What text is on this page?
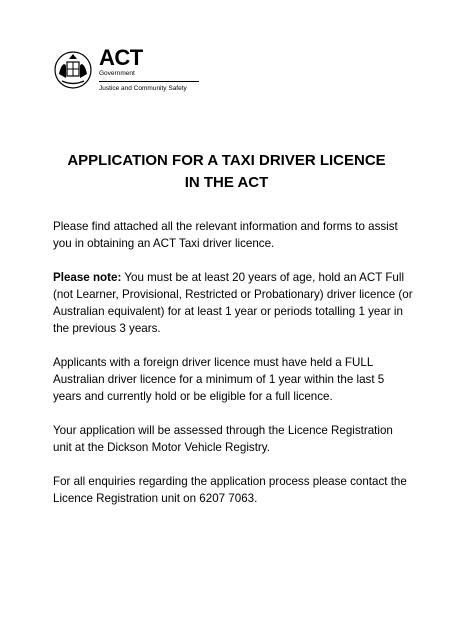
ACT
Government
Justice and Community Safety
APPLICATION FOR A TAXI DRIVER LICENCE
IN THE ACT

Please find attached all the relevant information and forms to assist you in obtaining an ACT Taxi driver licence.

Please note: You must be at least 20 years of age, hold an ACT Full (not Learner, Provisional, Restricted or Probationary) driver licence (or Australian equivalent) for at least 1 year or periods totalling 1 year in the previous 3 years.

Applicants with a foreign driver licence must have held a FULL Australian driver licence for a minimum of 1 year within the last 5 years and currently hold or be eligible for a full licence.

Your application will be assessed through the Licence Registration unit at the Dickson Motor Vehicle Registry.

For all enquiries regarding the application process please contact the Licence Registration unit on 6207 7063.
